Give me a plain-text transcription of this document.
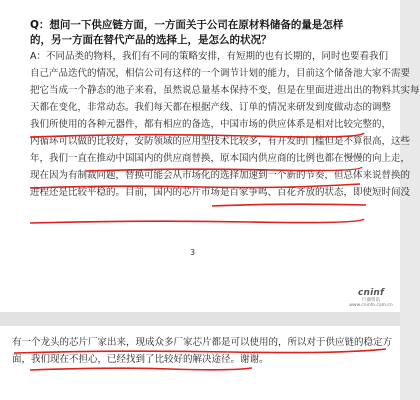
Q：想问一下供应链方面，一方面关于公司在原材料储备的量是怎样的，另一方面在替代产品的选择上，是怎么的状况？
A：不同品类的物料，我们有不同的策略安排，有短期的也有长期的，同时也要看我们
自己产品迭代的情况，相信公司有这样的一个调节计划的能力，目前这个储备池大家不需要
把它当成一个静态的池子来看，虽然说总量基本保持不变，但是在里面进进出出的物料其实每
天都在变化，非常动态。我们每天都在根据产线、订单的情况来研发到度做动态的调整
我们所使用的各种元器件，都有相应的备选，中国市场的供应体系是相对比较完整的，
内循环可以做的比较好，安防领域的应用型技术比较多，有开发的门槛但是不算很高，这些
年，我们一直在推动中国国内的供应商替换，原本国内供应商的比例也都在慢慢的向上走，
现在因为有制裁问题，替换可能会从市场化的选择加速到一个新的节奏，但总体来说替换的
进程还是比较平稳的。目前，国内的芯片市场是百家争鸣、百花齐放的状态，即使短时间没
3
cninf
巨潮资讯 www.cninfo.com.cn
有一个龙头的芯片厂家出来，现成众多厂家芯片都是可以使用的，所以对于供应链的稳定方
面，我们现在不担心，已经找到了比较好的解决途径。谢谢。
